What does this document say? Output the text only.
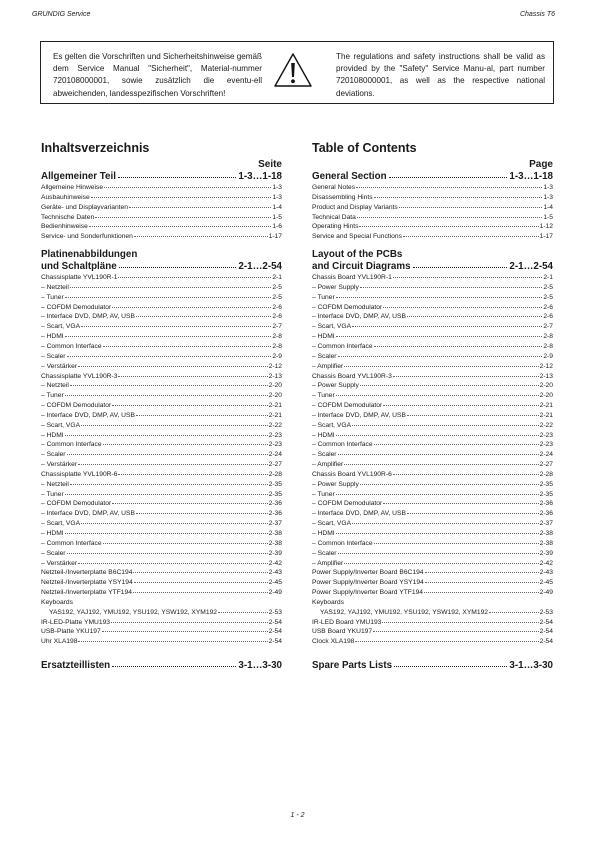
GRUNDIG Service	Chassis T6
Es gelten die Vorschriften und Sicherheitshinweise gemäß dem Service Manual "Sicherheit", Material-nummer 720108000001, sowie zusätzlich die eventu-ell abweichenden, landesspezifischen Vorschriften!
The regulations and safety instructions shall be valid as provided by the "Safety" Service Manu-al, part number 720108000001, as well as the respective national deviations.
Inhaltsverzeichnis
Seite
Allgemeiner Teil	1-3…1-18
Allgemeine Hinweise	1-3
Ausbauhinweise	1-3
Geräte- und Displayvarianten	1-4
Technische Daten	1-5
Bedienhinweise	1-6
Service- und Sonderfunktionen	1-17
Platinenabbildungen
und Schaltpläne	2-1…2-54
Chassisplatte YVL190R-1	2-1
– Netzteil	2-5
– Tuner	2-5
– COFDM Demodulator	2-6
– Interface DVD, DMP, AV, USB	2-6
– Scart, VGA	2-7
– HDMI	2-8
– Common Interface	2-8
– Scaler	2-9
– Verstärker	2-12
Chassisplatte YVL190R-3	2-13
– Netzteil	2-20
– Tuner	2-20
– COFDM Demodulator	2-21
– Interface DVD, DMP, AV, USB	2-21
– Scart, VGA	2-22
– HDMI	2-23
– Common Interface	2-23
– Scaler	2-24
– Verstärker	2-27
Chassisplatte YVL190R-6	2-28
– Netzteil	2-35
– Tuner	2-35
– COFDM Demodulator	2-36
– Interface DVD, DMP, AV, USB	2-36
– Scart, VGA	2-37
– HDMI	2-38
– Common Interface	2-38
– Scaler	2-39
– Verstärker	2-42
Netzteil-/Inverterplatte B6C194	2-43
Netzteil-/Inverterplatte YSY194	2-45
Netzteil-/Inverterplatte YTF194	2-49
Keyboards
YAS192, YAJ192, YMU192, YSU192, YSW192, XYM192	2-53
IR-LED-Platte YMU193	2-54
USB-Platte YKU197	2-54
Uhr XLA198	2-54
Ersatzteillisten	3-1…3-30
Table of Contents
Page
General Section	1-3…1-18
General Notes	1-3
Disassembling Hints	1-3
Product and Display Variants	1-4
Technical Data	1-5
Operating Hints	1-12
Service and Special Functions	1-17
Layout of the PCBs
and Circuit Diagrams	2-1…2-54
Chassis Board YVL190R-1	2-1
– Power Supply	2-5
– Tuner	2-5
– COFDM Demodulator	2-6
– Interface DVD, DMP, AV, USB	2-6
– Scart, VGA	2-7
– HDMI	2-8
– Common Interface	2-8
– Scaler	2-9
– Amplifier	2-12
Chassis Board YVL190R-3	2-13
– Power Supply	2-20
– Tuner	2-20
– COFDM Demodulator	2-21
– Interface DVD, DMP, AV, USB	2-21
– Scart, VGA	2-22
– HDMI	2-23
– Common Interface	2-23
– Scaler	2-24
– Amplifier	2-27
Chassis Board YVL190R-6	2-28
– Power Supply	2-35
– Tuner	2-35
– COFDM Demodulator	2-36
– Interface DVD, DMP, AV, USB	2-36
– Scart, VGA	2-37
– HDMI	2-38
– Common Interface	2-38
– Scaler	2-39
– Amplifier	2-42
Power Supply/Inverter Board B6C194	2-43
Power Supply/Inverter Board YSY194	2-45
Power Supply/Inverter Board YTF194	2-49
Keyboards
YAS192, YAJ192, YMU192, YSU192, YSW192, XYM192	2-53
IR-LED Board YMU193	2-54
USB Board YKU197	2-54
Clock XLA198	2-54
Spare Parts Lists	3-1…3-30
1 - 2
